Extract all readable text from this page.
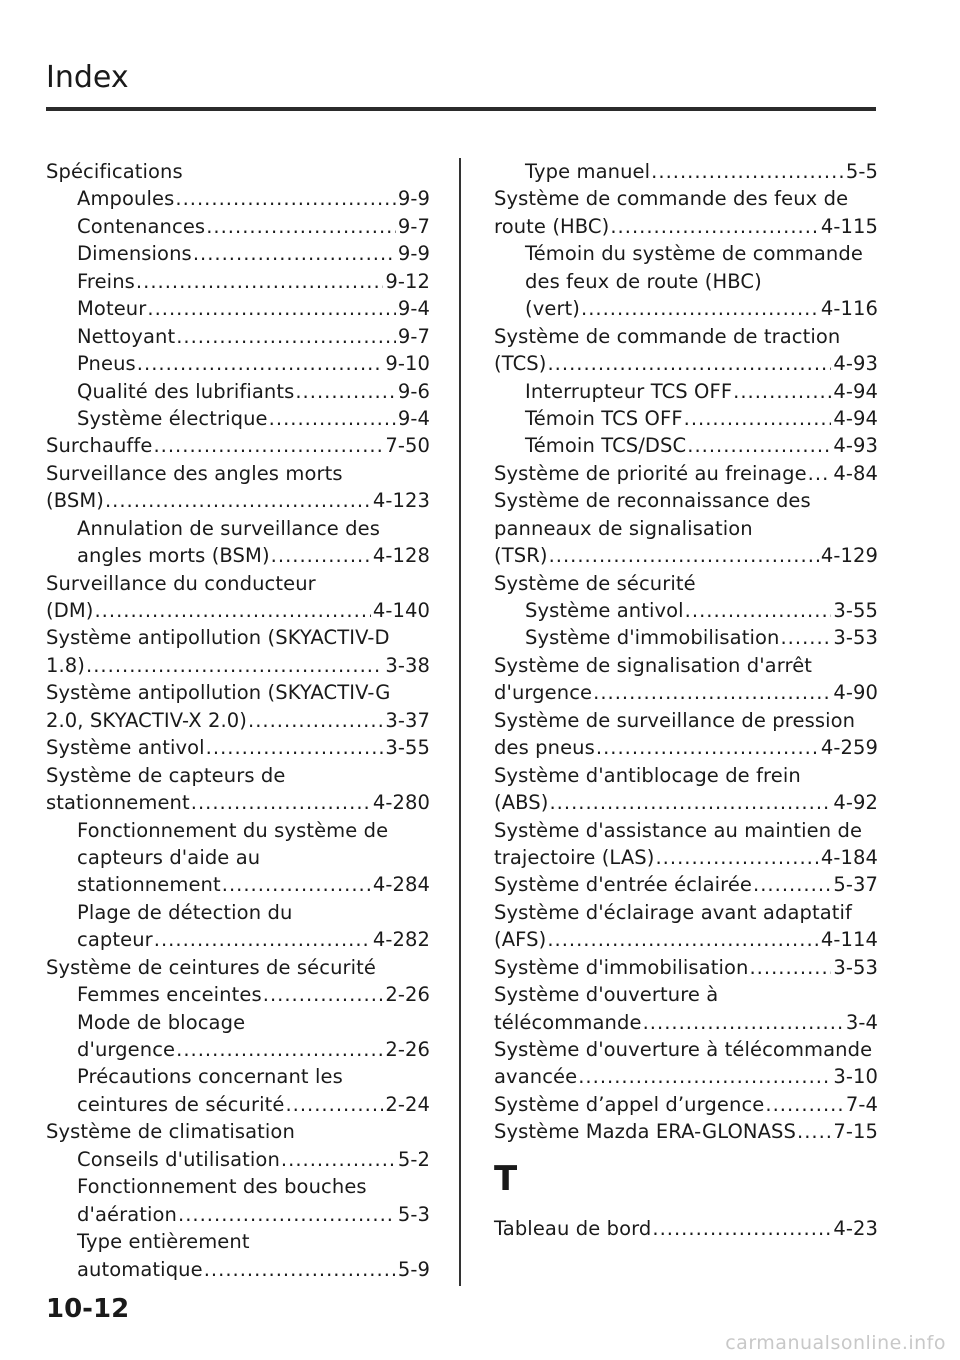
Index
Spécifications
Ampoules .....	9-9
Contenances .....	9-7
Dimensions .....	9-9
Freins .....	9-12
Moteur .....	9-4
Nettoyant .....	9-7
Pneus .....	9-10
Qualité des lubrifiants .....	9-6
Système électrique .....	9-4
Surchauffe .....	7-50
Surveillance des angles morts
(BSM) .....	4-123
Annulation de surveillance des
angles morts (BSM) .....	4-128
Surveillance du conducteur
(DM) .....	4-140
Système antipollution (SKYACTIV-D
1.8) .....	3-38
Système antipollution (SKYACTIV-G
2.0, SKYACTIV-X 2.0) .....	3-37
Système antivol .....	3-55
Système de capteurs de
stationnement .....	4-280
Fonctionnement du système de
capteurs d'aide au
stationnement .....	4-284
Plage de détection du
capteur .....	4-282
Système de ceintures de sécurité
Femmes enceintes .....	2-26
Mode de blocage
d'urgence .....	2-26
Précautions concernant les
ceintures de sécurité .....	2-24
Système de climatisation
Conseils d'utilisation .....	5-2
Fonctionnement des bouches
d'aération .....	5-3
Type entièrement
automatique .....	5-9
Type manuel .....	5-5
Système de commande des feux de
route (HBC) .....	4-115
Témoin du système de commande
des feux de route (HBC)
(vert) .....	4-116
Système de commande de traction
(TCS) .....	4-93
Interrupteur TCS OFF .....	4-94
Témoin TCS OFF .....	4-94
Témoin TCS/DSC .....	4-93
Système de priorité au freinage ..... 4-84
Système de reconnaissance des
panneaux de signalisation
(TSR) .....	4-129
Système de sécurité
Système antivol .....	3-55
Système d'immobilisation .....	3-53
Système de signalisation d'arrêt
d'urgence .....	4-90
Système de surveillance de pression
des pneus .....	4-259
Système d'antiblocage de frein
(ABS) .....	4-92
Système d'assistance au maintien de
trajectoire (LAS) .....	4-184
Système d'entrée éclairée .....	5-37
Système d'éclairage avant adaptatif
(AFS) .....	4-114
Système d'immobilisation .....	3-53
Système d'ouverture à
télécommande .....	3-4
Système d'ouverture à télécommande
avancée .....	3-10
Système d’appel d’urgence .....	7-4
Système Mazda ERA-GLONASS ..... 7-15
T
Tableau de bord .....	4-23
10-12
carmanualsonline.info
